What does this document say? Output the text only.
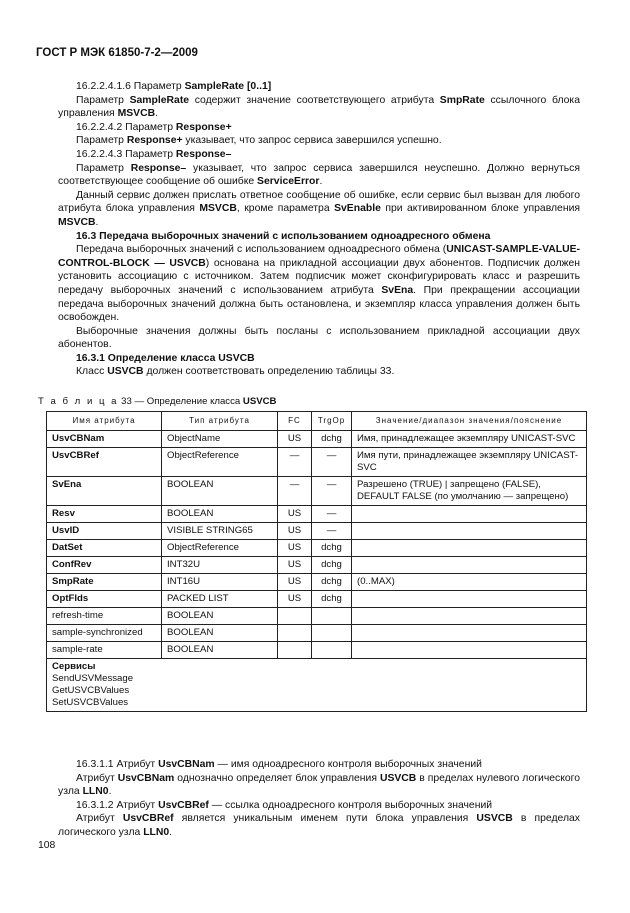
ГОСТ Р МЭК 61850-7-2—2009

16.2.2.4.1.6 Параметр SampleRate [0..1]

Параметр SampleRate содержит значение соответствующего атрибута SmpRate ссылочного блока управления MSVCB.

16.2.2.4.2 Параметр Response+

Параметр Response+ указывает, что запрос сервиса завершился успешно.

16.2.2.4.3 Параметр Response–

Параметр Response– указывает, что запрос сервиса завершился неуспешно. Должно вернуться соответствующее сообщение об ошибке ServiceError.

Данный сервис должен прислать ответное сообщение об ошибке, если сервис был вызван для любого атрибута блока управления MSVCB, кроме параметра SvEnable при активированном блоке управления MSVCB.

16.3 Передача выборочных значений с использованием одноадресного обмена

Передача выборочных значений с использованием одноадресного обмена (UNICAST-SAMPLE-VALUE-CONTROL-BLOCK — USVCB) основана на прикладной ассоциации двух абонентов. Подписчик должен установить ассоциацию с источником. Затем подписчик может сконфигурировать класс и разрешить передачу выборочных значений с использованием атрибута SvEna. При прекращении ассоциации передача выборочных значений должна быть остановлена, и экземпляр класса управления должен быть освобожден.

Выборочные значения должны быть посланы с использованием прикладной ассоциации двух абонентов.

16.3.1 Определение класса USVCB

Класс USVCB должен соответствовать определению таблицы 33.

Т а б л и ц а 33 — Определение класса USVCB
Имя атрибута	Тип атрибута	FC	TrgOp	Значение/диапазон значения/пояснение
UsvCBNam	ObjectName	US	dchg	Имя, принадлежащее экземпляру UNICAST-SVC
UsvCBRef	ObjectReference	—	—	Имя пути, принадлежащее экземпляру UNICAST-SVC
SvEna	BOOLEAN	—	—	Разрешено (TRUE) | запрещено (FALSE), DEFAULT FALSE (по умолчанию — запрещено)
Resv	BOOLEAN	US	—	
UsvID	VISIBLE STRING65	US	—	
DatSet	ObjectReference	US	dchg	
ConfRev	INT32U	US	dchg	
SmpRate	INT16U	US	dchg	(0..MAX)
OptFlds	PACKED LIST	US	dchg	
refresh-time	BOOLEAN			
sample-synchronized	BOOLEAN			
sample-rate	BOOLEAN			

Сервисы
SendUSVMessage
GetUSVCBValues
SetUSVCBValues				

16.3.1.1 Атрибут UsvCBNam — имя одноадресного контроля выборочных значений

Атрибут UsvCBNam однозначно определяет блок управления USVCB в пределах нулевого логического узла LLN0.

16.3.1.2 Атрибут UsvCBRef — ссылка одноадресного контроля выборочных значений

Атрибут UsvCBRef является уникальным именем пути блока управления USVCB в пределах логического узла LLN0.

108
